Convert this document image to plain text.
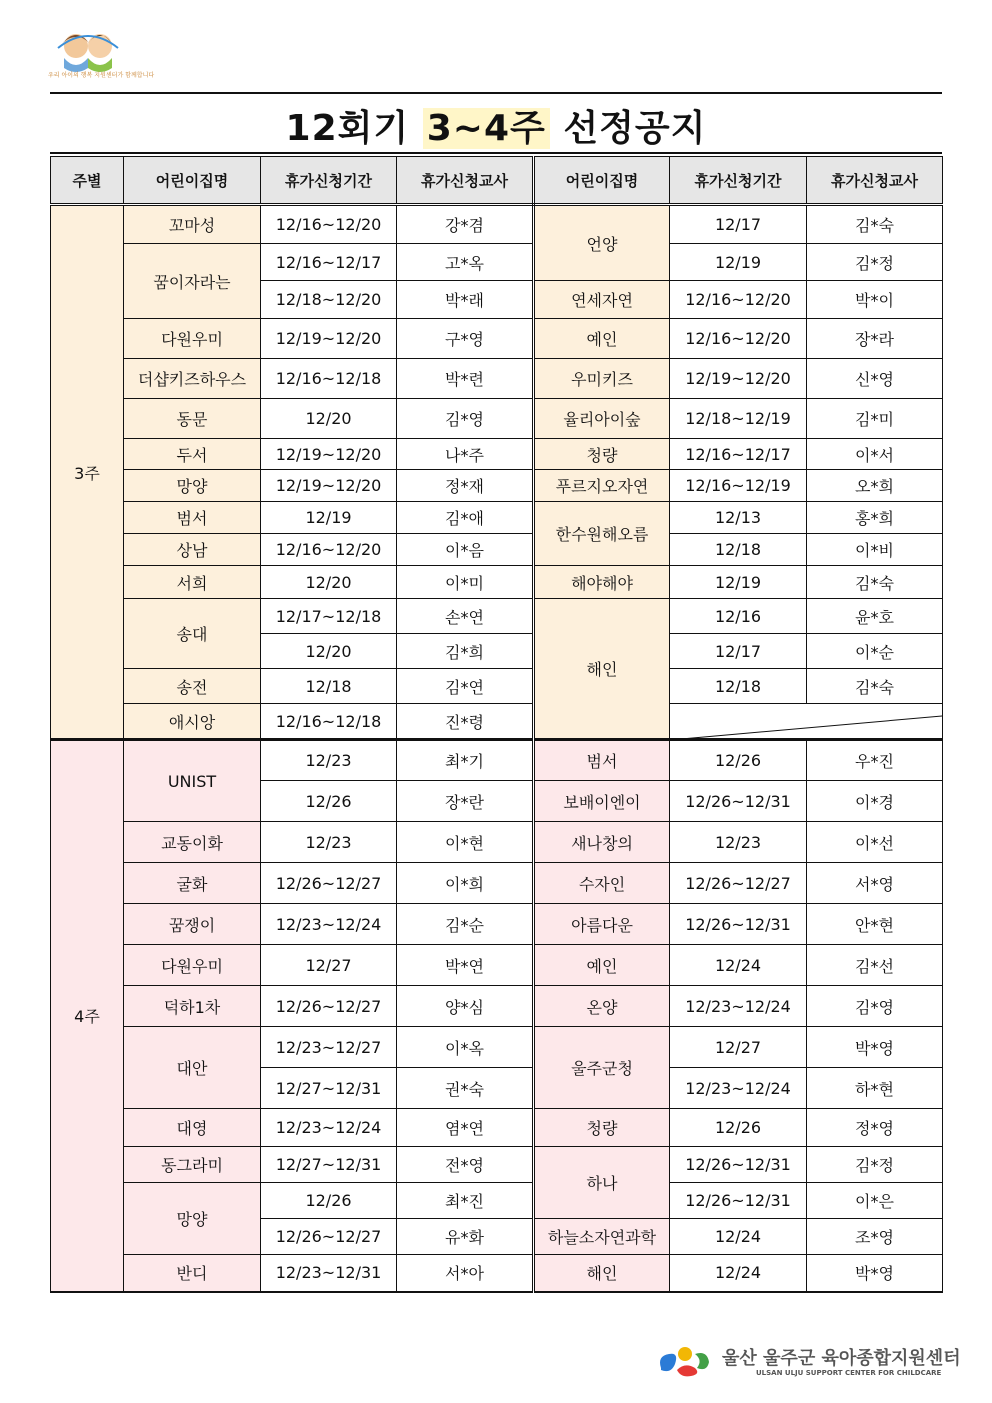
우리 아이의 행복 지원센터가 함께합니다
12회기 3~4주 선정공지
주별	어린이집명	휴가신청기간	휴가신청교사	어린이집명	휴가신청기간	휴가신청교사
3주	꼬마성	12/16~12/20	강*겸	언양	12/17	김*숙
	꿈이자라는	12/16~12/17	고*옥		12/19	김*정
		12/18~12/20	박*래	연세자연	12/16~12/20	박*이
	다원우미	12/19~12/20	구*영	예인	12/16~12/20	장*라
	더샵키즈하우스	12/16~12/18	박*련	우미키즈	12/19~12/20	신*영
	동문	12/20	김*영	율리아이숲	12/18~12/19	김*미
	두서	12/19~12/20	나*주	청량	12/16~12/17	이*서
	망양	12/19~12/20	정*재	푸르지오자연	12/16~12/19	오*희
	범서	12/19	김*애	한수원해오름	12/13	홍*희
	상남	12/16~12/20	이*음		12/18	이*비
	서희	12/20	이*미	해야해야	12/19	김*숙
	송대	12/17~12/18	손*연	해인	12/16	윤*호
		12/20	김*희		12/17	이*순
	송전	12/18	김*연		12/18	김*숙
	애시앙	12/16~12/18	진*령	

4주	UNIST	12/23	최*기	범서	12/26	우*진
		12/26	장*란	보배이엔이	12/26~12/31	이*경
	교동이화	12/23	이*현	새나창의	12/23	이*선
	굴화	12/26~12/27	이*희	수자인	12/26~12/27	서*영
	꿈쟁이	12/23~12/24	김*순	아름다운	12/26~12/31	안*현
	다원우미	12/27	박*연	예인	12/24	김*선
	덕하1차	12/26~12/27	양*심	온양	12/23~12/24	김*영
	대안	12/23~12/27	이*옥	울주군청	12/27	박*영
		12/27~12/31	권*숙		12/23~12/24	하*현
	대영	12/23~12/24	염*연	청량	12/26	정*영
	동그라미	12/27~12/31	전*영	하나	12/26~12/31	김*정
	망양	12/26	최*진		12/26~12/31	이*은
		12/26~12/27	유*화	하늘소자연과학	12/24	조*영
	반디	12/23~12/31	서*아	해인	12/24	박*영
울산 울주군 육아종합지원센터
ULSAN ULJU SUPPORT CENTER FOR CHILDCARE
